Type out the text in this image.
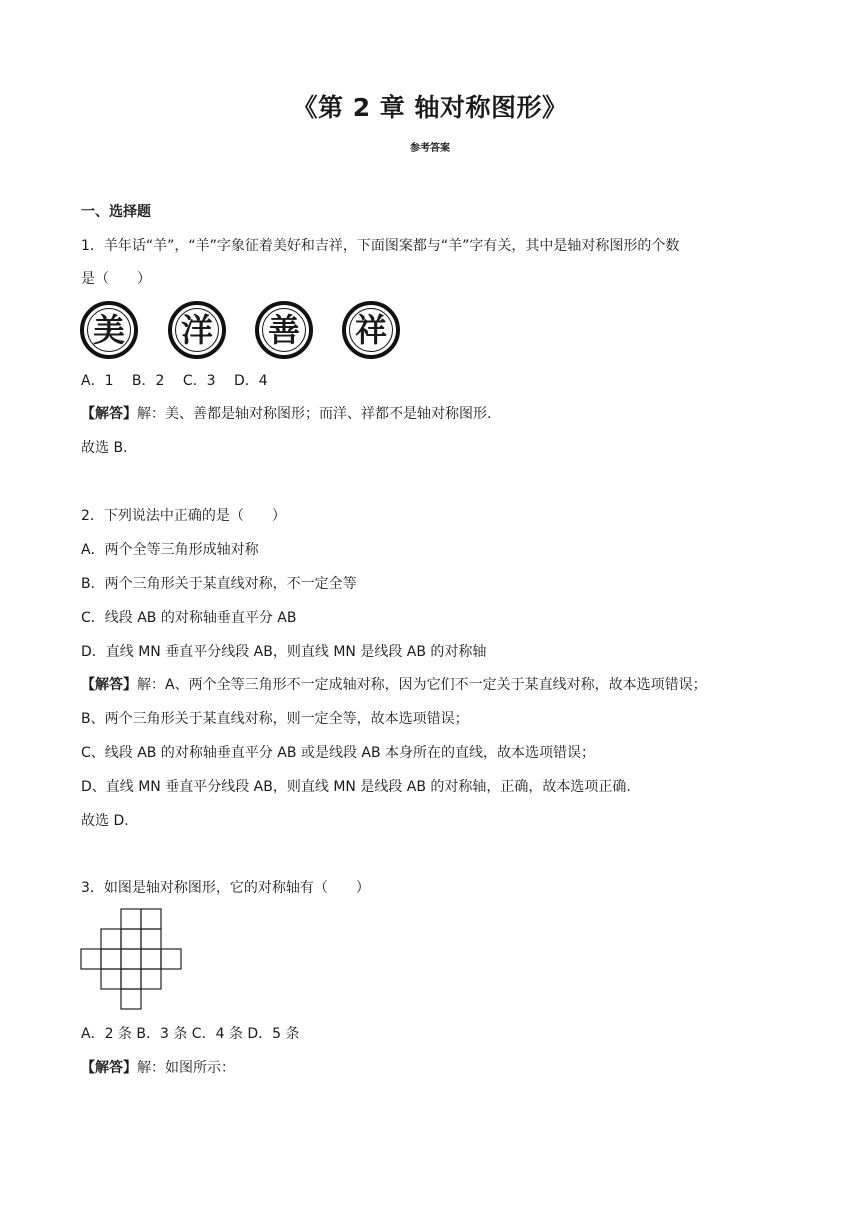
《第 2 章 轴对称图形》
参考答案
一、选择题
1．羊年话“羊”，“羊”字象征着美好和吉祥，下面图案都与“羊”字有关，其中是轴对称图形的个数
是（　　）
美 洋 善 祥
A．1　 B．2　 C．3　 D．4
【解答】解：美、善都是轴对称图形；而洋、祥都不是轴对称图形.
故选 B.
2．下列说法中正确的是（　　）
A．两个全等三角形成轴对称
B．两个三角形关于某直线对称，不一定全等
C．线段 AB 的对称轴垂直平分 AB
D．直线 MN 垂直平分线段 AB，则直线 MN 是线段 AB 的对称轴
【解答】解：A、两个全等三角形不一定成轴对称，因为它们不一定关于某直线对称，故本选项错误；
B、两个三角形关于某直线对称，则一定全等，故本选项错误；
C、线段 AB 的对称轴垂直平分 AB 或是线段 AB 本身所在的直线，故本选项错误；
D、直线 MN 垂直平分线段 AB，则直线 MN 是线段 AB 的对称轴，正确，故本选项正确.
故选 D.
3．如图是轴对称图形，它的对称轴有（　　）
A．2 条 B．3 条 C．4 条 D．5 条
【解答】解：如图所示：
